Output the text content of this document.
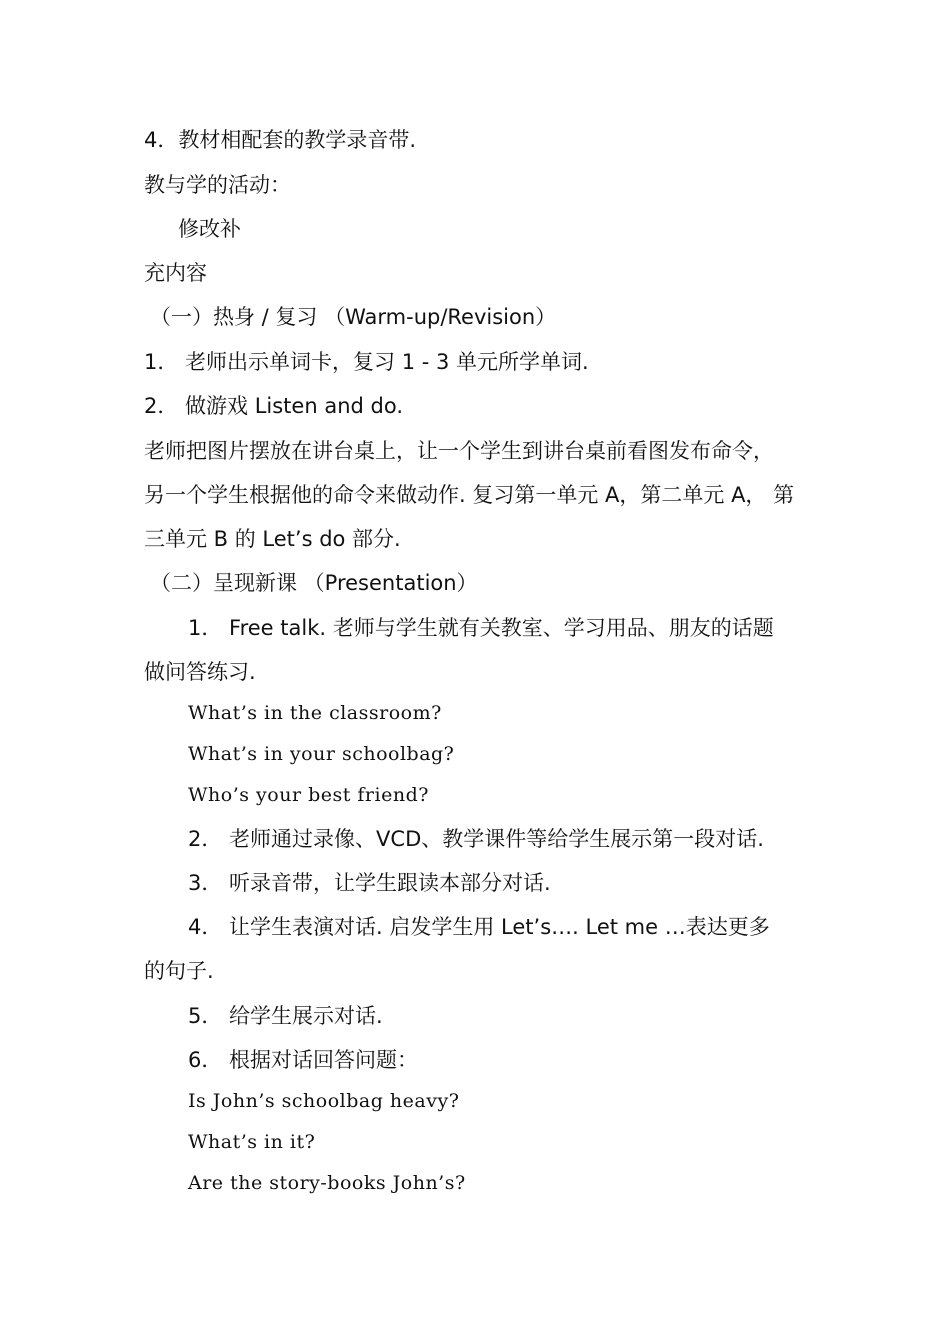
4．教材相配套的教学录音带.
教与学的活动：
修改补
充内容
（一）热身 / 复习 （Warm-up/Revision）
1． 老师出示单词卡，复习 1 - 3 单元所学单词.
2． 做游戏 Listen and do.
老师把图片摆放在讲台桌上，让一个学生到讲台桌前看图发布命令，
另一个学生根据他的命令来做动作. 复习第一单元 A，第二单元 A， 第
三单元 B 的 Let’s do 部分.
（二）呈现新课 （Presentation）
1． Free talk. 老师与学生就有关教室、学习用品、朋友的话题
做问答练习.
What’s in the classroom?
What’s in your schoolbag?
Who’s your best friend?
2． 老师通过录像、VCD、教学课件等给学生展示第一段对话.
3． 听录音带，让学生跟读本部分对话.
4． 让学生表演对话. 启发学生用 Let’s…. Let me …表达更多
的句子.
5． 给学生展示对话.
6． 根据对话回答问题：
Is John’s schoolbag heavy?
What’s in it?
Are the story-books John’s?
